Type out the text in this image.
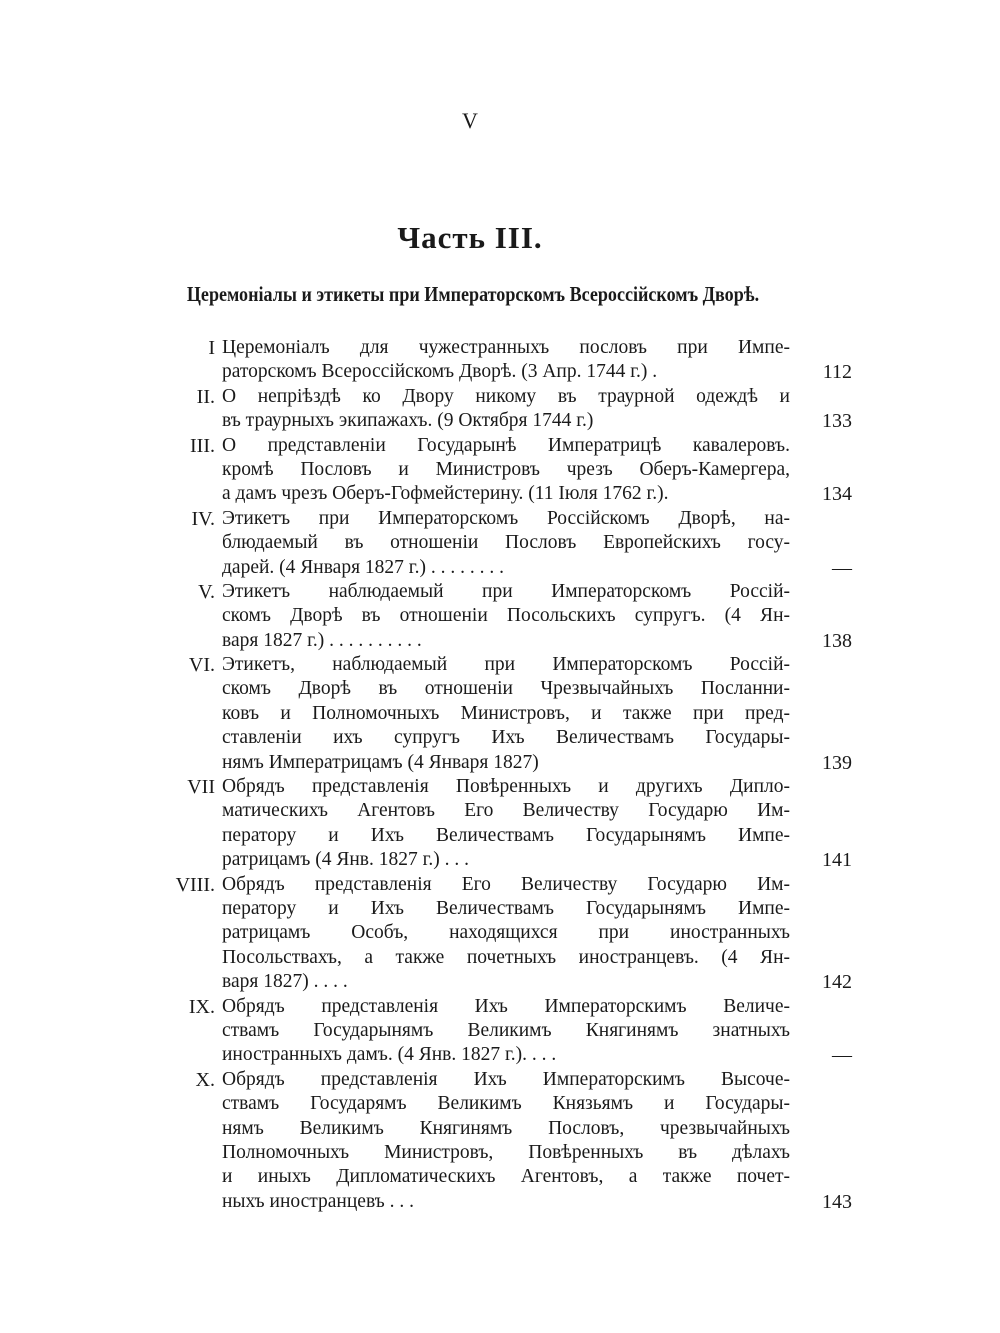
V
Часть III.
Церемоніалы и этикеты при Императорскомъ Всероссійскомъ Дворѣ.
I Церемоніалъ для чужестранныхъ пословъ при Импе-
раторскомъ Всероссійскомъ Дворѣ. (3 Апр. 1744 г.) .	112
II. О непріѣздѣ ко Двору никому въ траурной одеждѣ и
въ траурныхъ экипажахъ. (9 Октября 1744 г.)	133
III. О представленіи Государынѣ Императрицѣ кавалеровъ.
кромѣ Пословъ и Министровъ чрезъ Оберъ-Камергера,
а дамъ чрезъ Оберъ-Гофмейстерину. (11 Іюля 1762 г.).	134
IV. Этикетъ при Императорскомъ Россійскомъ Дворѣ, на-
блюдаемый въ отношеніи Пословъ Европейскихъ госу-
дарей. (4 Января 1827 г.) . . . . . . . .	—
V. Этикетъ наблюдаемый при Императорскомъ Россій-
скомъ Дворѣ въ отношеніи Посольскихъ супругъ. (4 Ян-
варя 1827 г.) . . . . . . . . . .	138
VI. Этикетъ, наблюдаемый при Императорскомъ Россій-
скомъ Дворѣ въ отношеніи Чрезвычайныхъ Посланни-
ковъ и Полномочныхъ Министровъ, и также при пред-
ставленіи ихъ супругъ Ихъ Величествамъ Государы-
нямъ Императрицамъ (4 Января 1827)	139
VII Обрядъ представленія Повѣренныхъ и другихъ Дипло-
матическихъ Агентовъ Его Величеству Государю Им-
ператору и Ихъ Величествамъ Государынямъ Импе-
ратрицамъ (4 Янв. 1827 г.) . . .	141
VIII. Обрядъ представленія Его Величеству Государю Им-
ператору и Ихъ Величествамъ Государынямъ Импе-
ратрицамъ Особъ, находящихся при иностранныхъ
Посольствахъ, а также почетныхъ иностранцевъ. (4 Ян-
варя 1827) . . . .	142
IX. Обрядъ представленія Ихъ Императорскимъ Величе-
ствамъ Государынямъ Великимъ Княгинямъ знатныхъ
иностранныхъ дамъ. (4 Янв. 1827 г.). . . .	—
X. Обрядъ представленія Ихъ Императорскимъ Высоче-
ствамъ Государямъ Великимъ Князьямъ и Государы-
нямъ Великимъ Княгинямъ Пословъ, чрезвычайныхъ
Полномочныхъ Министровъ, Повѣренныхъ въ дѣлахъ
и иныхъ Дипломатическихъ Агентовъ, а также почет-
ныхъ иностранцевъ . . .	143
